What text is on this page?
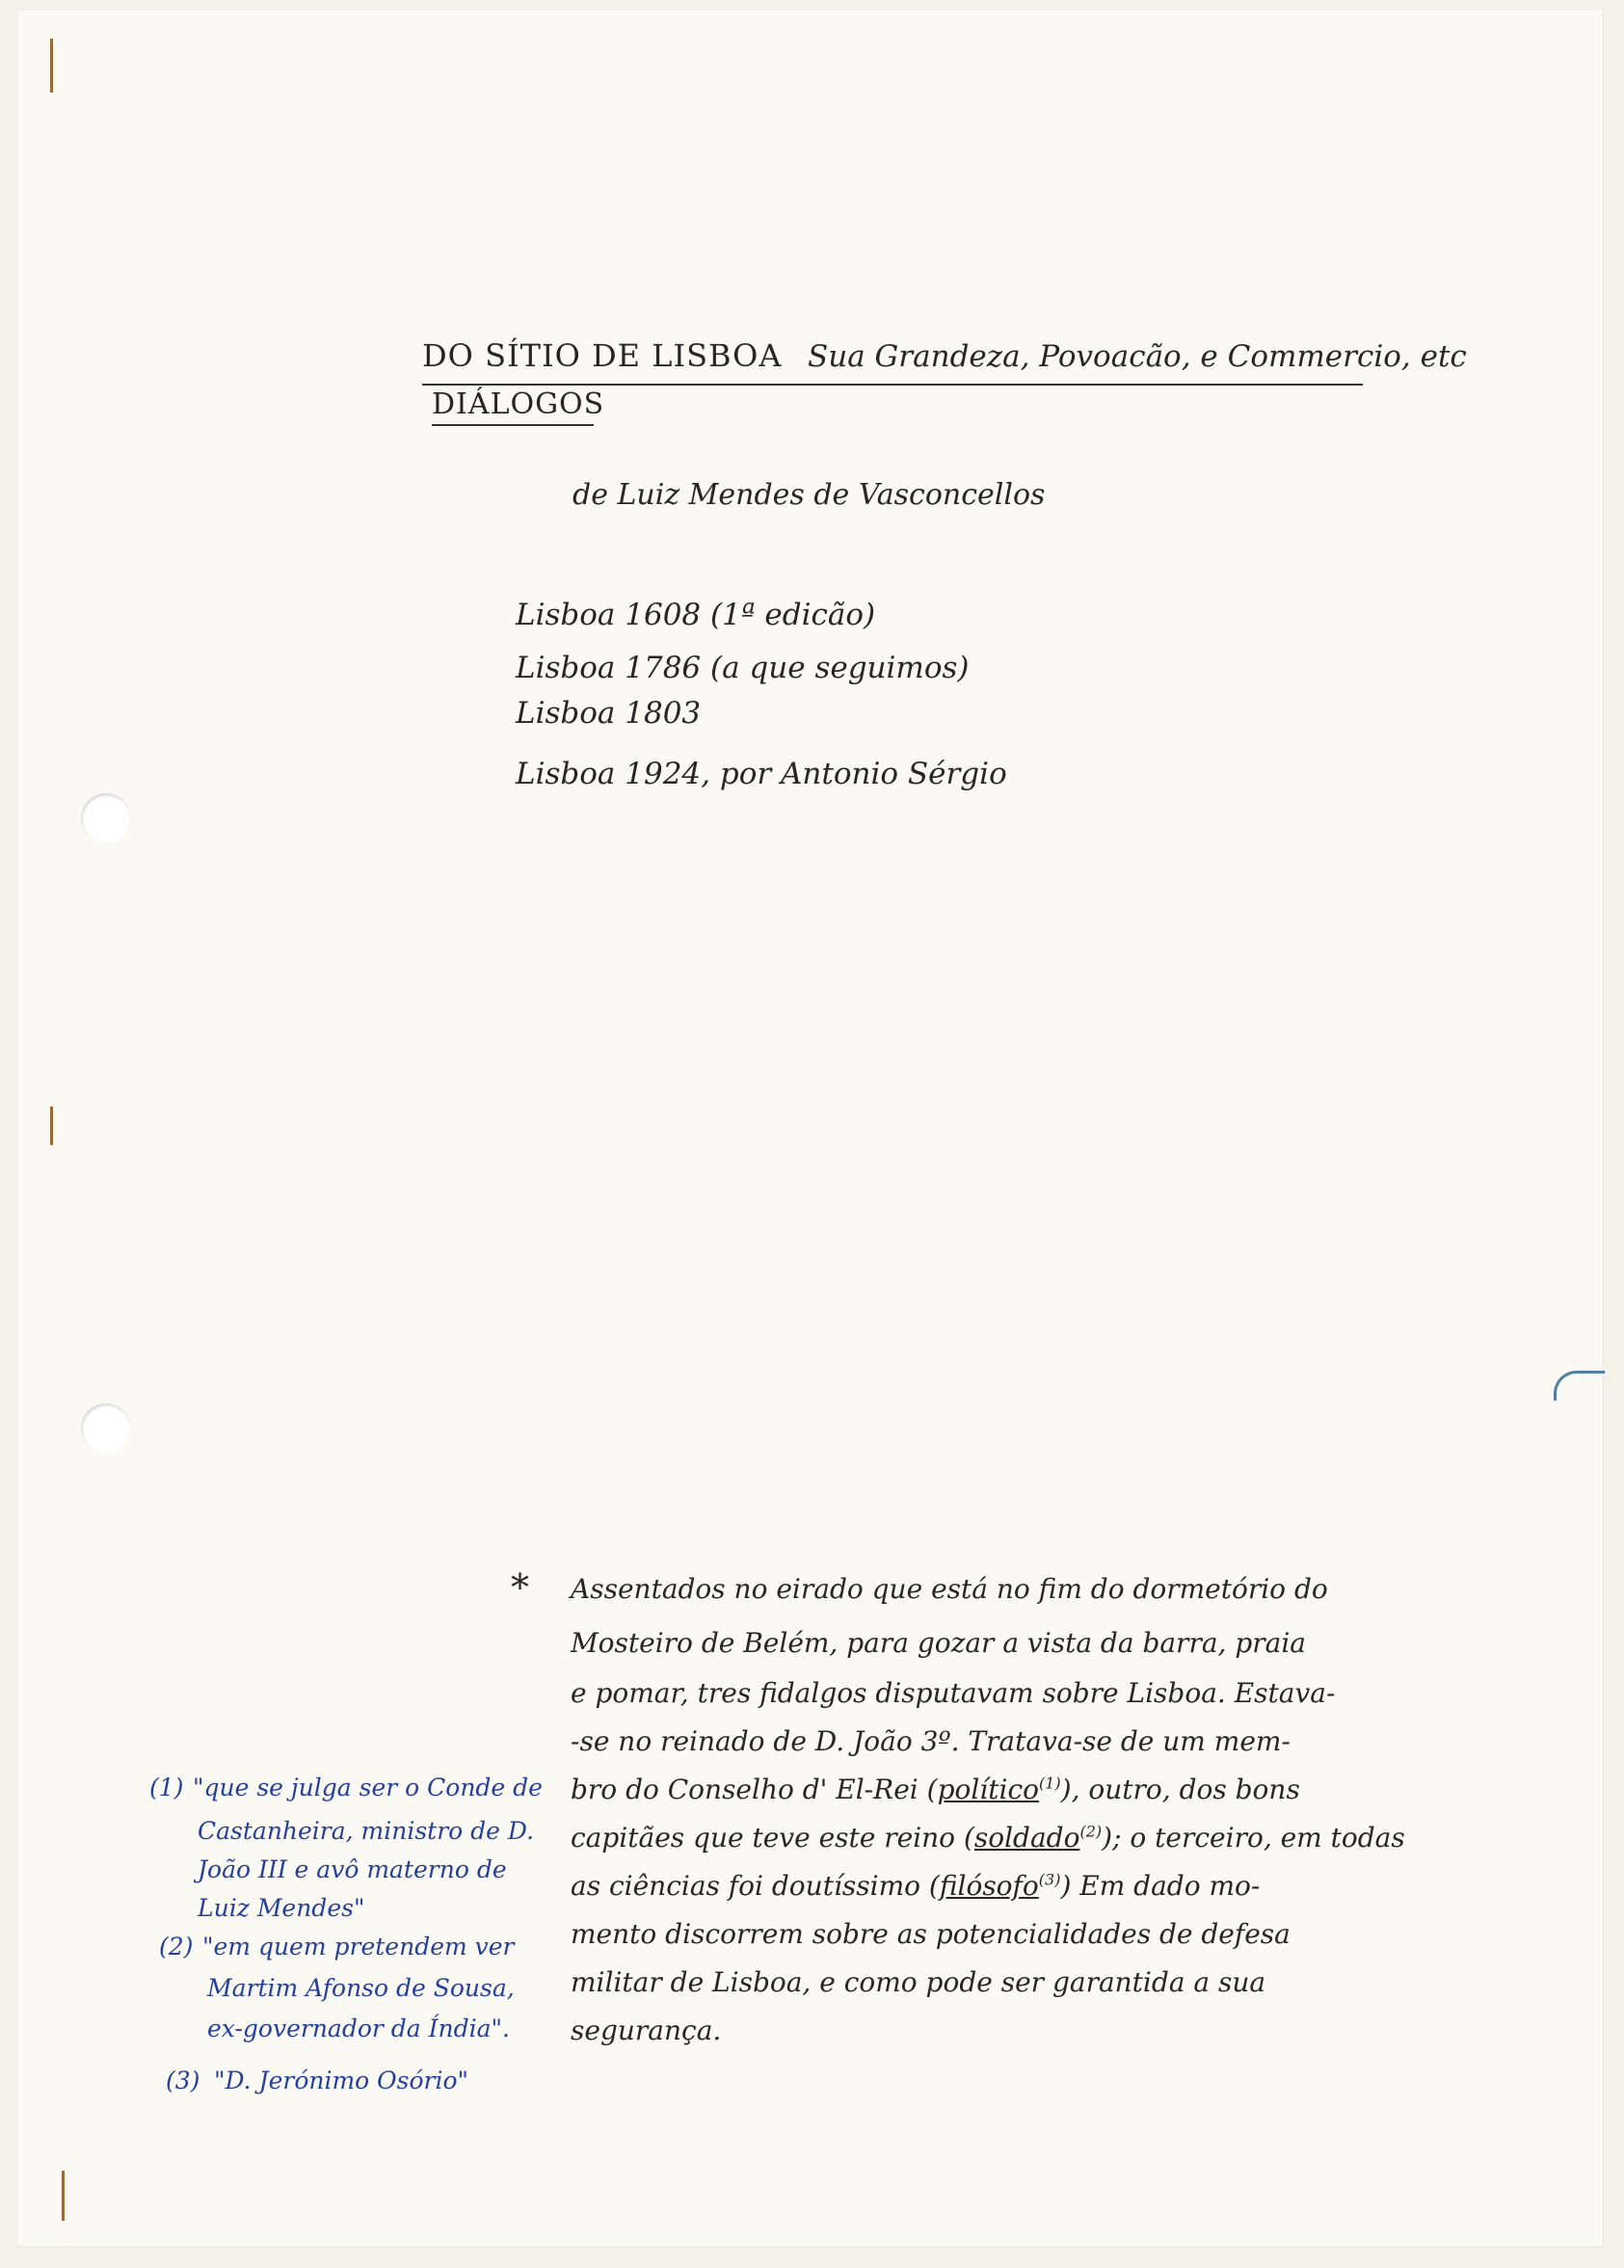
DO SÍTIO DE LISBOA Sua Grandeza, Povoacão, e Commercio, etc
DIÁLOGOS
de Luiz Mendes de Vasconcellos
Lisboa 1608 (1ª edicão)
Lisboa 1786 (a que seguimos)
Lisboa 1803
Lisboa 1924, por Antonio Sérgio
* Assentados no eirado que está no fim do dormetório do
Mosteiro de Belém, para gozar a vista da barra, praia
e pomar, tres fidalgos disputavam sobre Lisboa. Estava-
-se no reinado de D. João 3º. Tratava-se de um mem-
bro do Conselho d' El-Rei (político$^{(1)}$), outro, dos bons
capitães que teve este reino (soldado$^{(2)}$); o terceiro, em todas
as ciências foi doutíssimo (filósofo$^{(3)}$) Em dado mo-
mento discorrem sobre as potencialidades de defesa
militar de Lisboa, e como pode ser garantida a sua
segurança.
(1) "que se julga ser o Conde de
Castanheira, ministro de D.
João III e avô materno de
Luiz Mendes"
(2) "em quem pretendem ver
Martim Afonso de Sousa,
ex-governador da Índia".
(3) "D. Jerónimo Osório"
